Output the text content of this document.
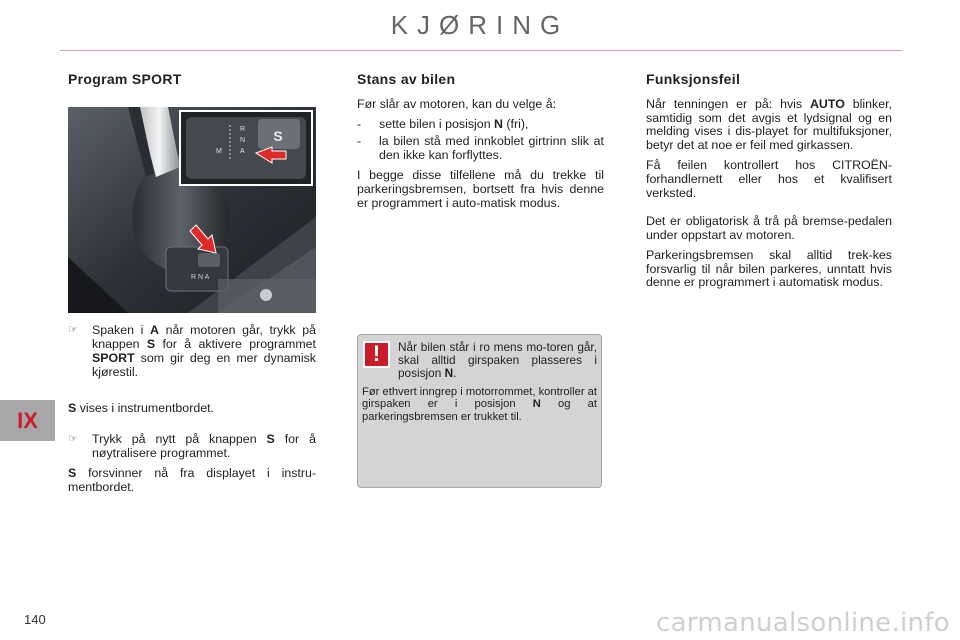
KJØRING
IX
Program SPORT
R N A
S
R
N
A
M
☞	Spaken i A når motoren går, trykk på knappen S for å aktivere programmet SPORT som gir deg en mer dynamisk kjørestil.

S vises i instrumentbordet.

☞	Trykk på nytt på knappen S for å nøytralisere programmet.

S forsvinner nå fra displayet i instru-mentbordet.

Stans av bilen

Før slår av motoren, kan du velge å:

-	sette bilen i posisjon N (fri),
-	la bilen stå med innkoblet girtrinn slik at den ikke kan forflyttes.

I begge disse tilfellene må du trekke til parkeringsbremsen, bortsett fra hvis denne er programmert i auto-matisk modus.

!	Når bilen står i ro mens mo-toren går, skal alltid girspaken plasseres i posisjon N.
Før ethvert inngrep i motorrommet, kontroller at girspaken er i posisjon N og at parkeringsbremsen er trukket til.
Funksjonsfeil

Når tenningen er på: hvis AUTO blinker, samtidig som det avgis et lydsignal og en melding vises i dis-playet for multifuksjoner, betyr det at noe er feil med girkassen.

Få feilen kontrollert hos CITROËN-forhandlernett eller hos et kvalifisert verksted.

Det er obligatorisk å trå på bremse-pedalen under oppstart av motoren.

Parkeringsbremsen skal alltid trek-kes forsvarlig til når bilen parkeres, unntatt hvis denne er programmert i automatisk modus.

140	carmanualsonline.info
